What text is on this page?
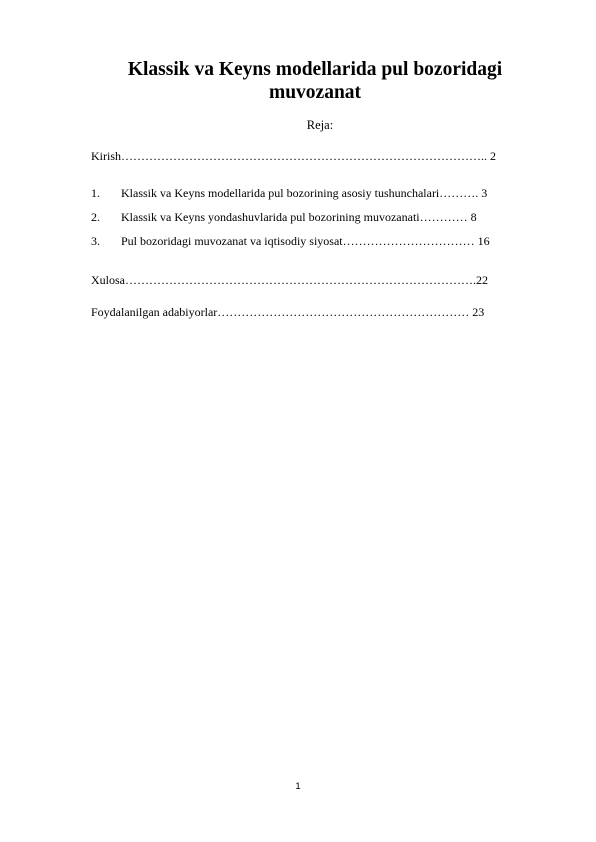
Klassik va Keyns modellarida pul bozoridagi muvozanat
Reja:
Kirish……………………………………………………………………………….. 2
1. Klassik va Keyns modellarida pul bozorining asosiy tushunchalari………. 3
2. Klassik va Keyns yondashuvlarida pul bozorining muvozanati………… 8
3. Pul bozoridagi muvozanat va iqtisodiy siyosat…………………………… 16
Xulosa…………………………………………………………………………….22
Foydalanilgan adabiyorlar……………………………………………………… 23
1
